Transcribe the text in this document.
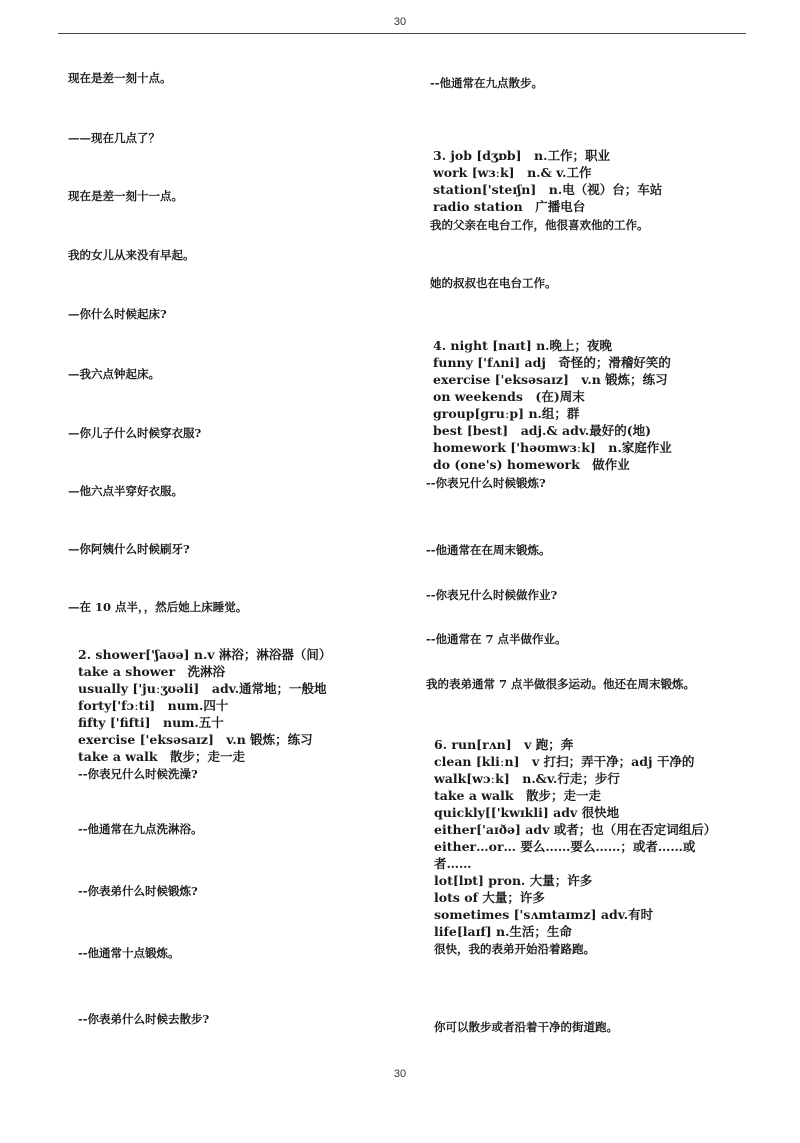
30
现在是差一刻十点。
——现在几点了？
现在是差一刻十一点。
我的女儿从来没有早起。
—你什么时候起床?
—我六点钟起床。
—你儿子什么时候穿衣服?
—他六点半穿好衣服。
—你阿姨什么时候刷牙?
—在 10 点半，，然后她上床睡觉。
2. shower['ʃaʊə] n.v 淋浴；淋浴器（间）
take a shower　洗淋浴
usually ['juːʒʊəli]　adv.通常地；一般地
forty['fɔːti]　num.四十
fifty ['fifti]　num.五十
exercise ['eksəsaɪz]　v.n 锻炼；练习
take a walk　散步；走一走
--你表兄什么时候洗澡?
--他通常在九点洗淋浴。
--你表弟什么时候锻炼?
--他通常十点锻炼。
--你表弟什么时候去散步?
--他通常在九点散步。
3. job [dʒɒb]　n.工作；职业
work [wɜːk]　n.& v.工作
station['steɪʃn]　n.电（视）台；车站
radio station　广播电台
我的父亲在电台工作，他很喜欢他的工作。
她的叔叔也在电台工作。
4. night [naɪt] n.晚上；夜晚
funny ['fʌni] adj　奇怪的；滑稽好笑的
exercise ['eksəsaɪz]　v.n 锻炼；练习
on weekends　(在)周末
group[gruːp] n.组；群
best [best]　adj.& adv.最好的(地)
homework ['həʊmwɜːk]　n.家庭作业
do (one's) homework　做作业
--你表兄什么时候锻炼?
--他通常在在周末锻炼。
--你表兄什么时候做作业?
--他通常在 7 点半做作业。
我的表弟通常 7 点半做很多运动。他还在周末锻炼。
6. run[rʌn]　v 跑；奔
clean [kliːn]　v 打扫；弄干净；adj 干净的
walk[wɔːk]　n.&v.行走；步行
take a walk　散步；走一走
quickly[['kwɪkli] adv 很快地
either['aɪðə] adv 或者；也（用在否定词组后）
either…or… 要么……要么……；或者……或
者……
lot[lɒt] pron. 大量；许多
lots of 大量；许多
sometimes ['sʌmtaɪmz] adv.有时
life[laɪf] n.生活；生命
很快，我的表弟开始沿着路跑。
你可以散步或者沿着干净的街道跑。
30
